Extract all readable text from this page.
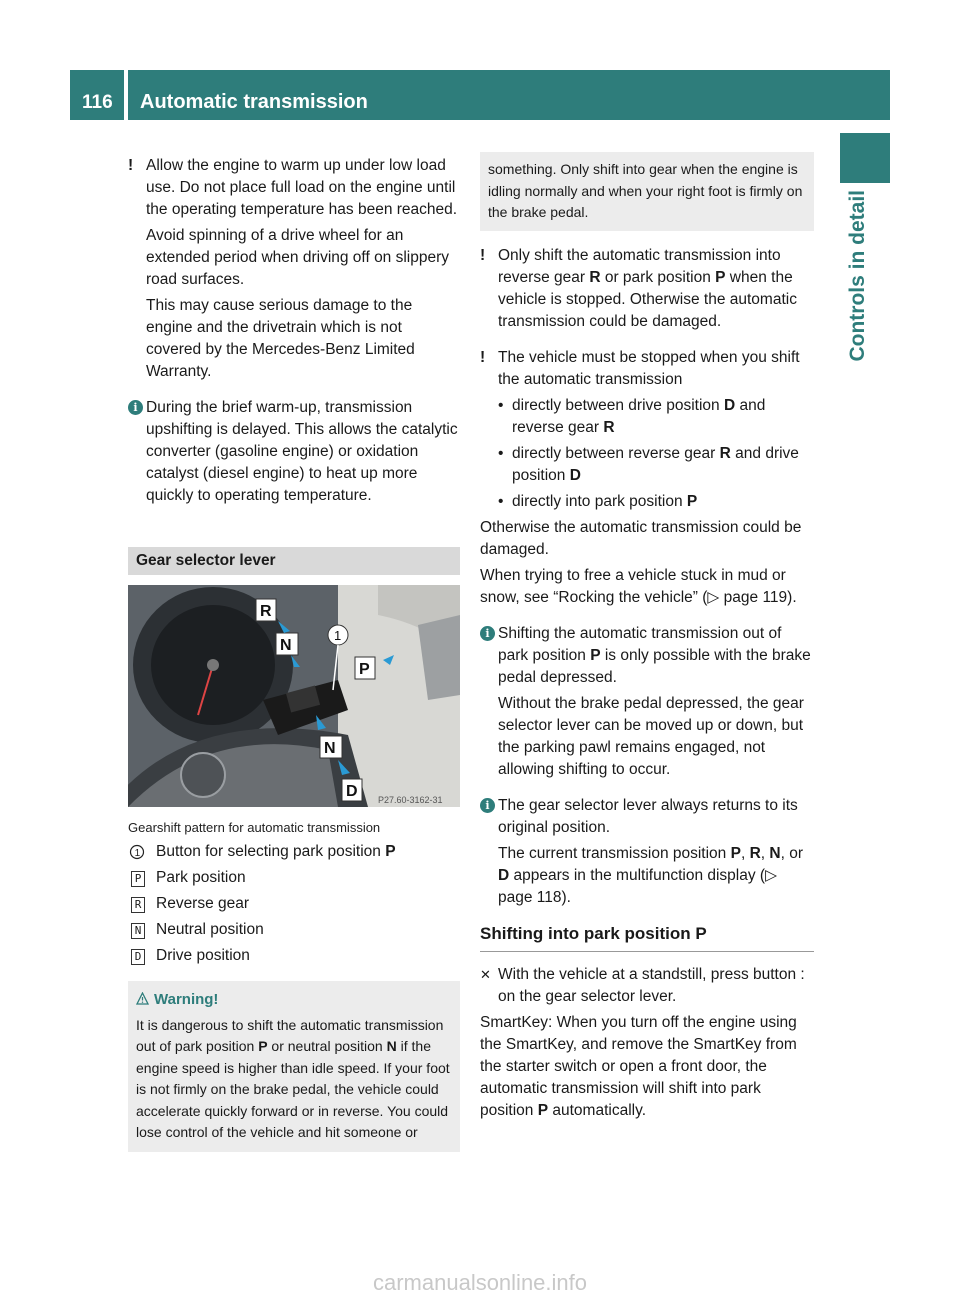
116 Automatic transmission
Controls in detail
! Allow the engine to warm up under low load use. Do not place full load on the engine until the operating temperature has been reached.

Avoid spinning of a drive wheel for an extended period when driving off on slippery road surfaces.

This may cause serious damage to the engine and the drivetrain which is not covered by the Mercedes-Benz Limited Warranty.

i During the brief warm-up, transmission upshifting is delayed. This allows the catalytic converter (gasoline engine) or oxidation catalyst (diesel engine) to heat up more quickly to operating temperature.

Gear selector lever
R
N
P
N
D
1
P27.60-3162-31
Gearshift pattern for automatic transmission
1 Button for selecting park position P
P Park position
R Reverse gear
N Neutral position
D Drive position
Warning!

It is dangerous to shift the automatic transmission out of park position P or neutral position N if the engine speed is higher than idle speed. If your foot is not firmly on the brake pedal, the vehicle could accelerate quickly forward or in reverse. You could lose control of the vehicle and hit someone or

something. Only shift into gear when the engine is idling normally and when your right foot is firmly on the brake pedal.
! Only shift the automatic transmission into reverse gear R or park position P when the vehicle is stopped. Otherwise the automatic transmission could be damaged.

! The vehicle must be stopped when you shift the automatic transmission

• directly between drive position D and reverse gear R
• directly between reverse gear R and drive position D
• directly into park position P

Otherwise the automatic transmission could be damaged.

When trying to free a vehicle stuck in mud or snow, see “Rocking the vehicle” (▷ page 119).

i Shifting the automatic transmission out of park position P is only possible with the brake pedal depressed.

Without the brake pedal depressed, the gear selector lever can be moved up or down, but the parking pawl remains engaged, not allowing shifting to occur.

i The gear selector lever always returns to its original position.

The current transmission position P, R, N, or D appears in the multifunction display (▷ page 118).

Shifting into park position P
✕ With the vehicle at a standstill, press button : on the gear selector lever.

SmartKey: When you turn off the engine using the SmartKey, and remove the SmartKey from the starter switch or open a front door, the automatic transmission will shift into park position P automatically.

carmanualsonline.info
